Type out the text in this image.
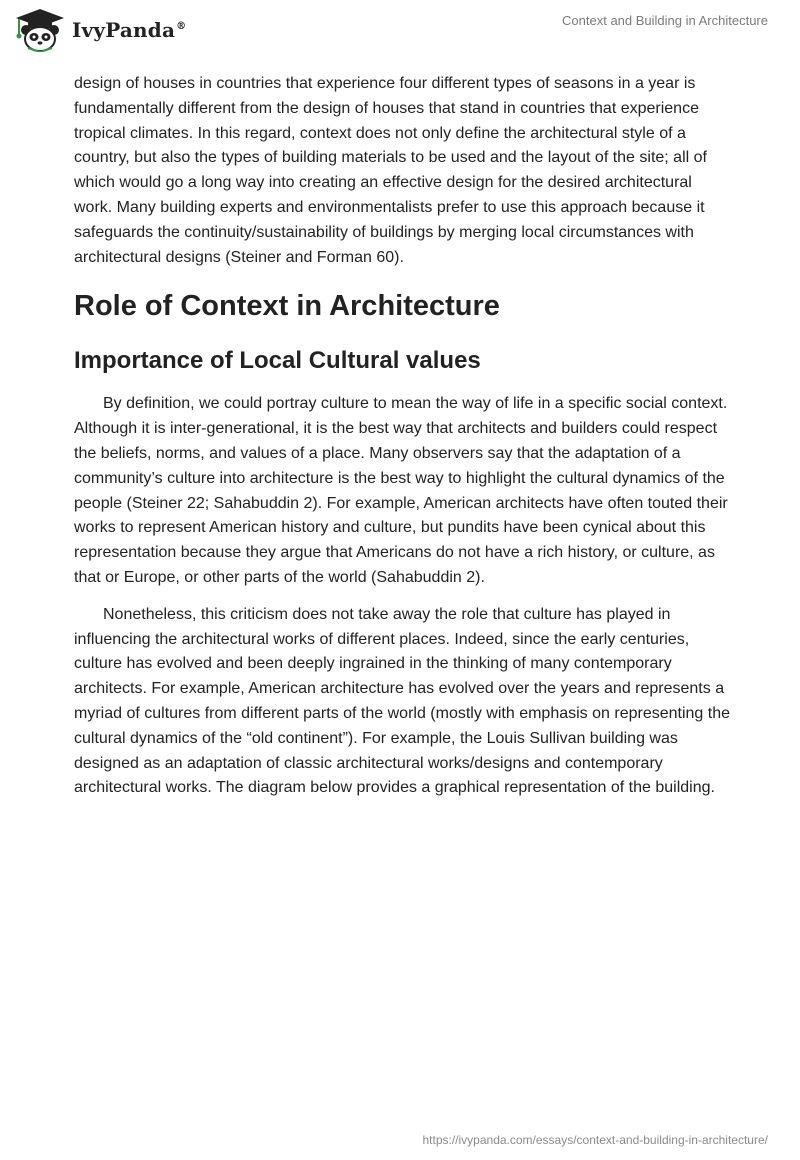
IvyPanda®	Context and Building in Architecture

design of houses in countries that experience four different types of seasons in a year is fundamentally different from the design of houses that stand in countries that experience tropical climates. In this regard, context does not only define the architectural style of a country, but also the types of building materials to be used and the layout of the site; all of which would go a long way into creating an effective design for the desired architectural work. Many building experts and environmentalists prefer to use this approach because it safeguards the continuity/sustainability of buildings by merging local circumstances with architectural designs (Steiner and Forman 60).

Role of Context in Architecture
Importance of Local Cultural values

By definition, we could portray culture to mean the way of life in a specific social context. Although it is inter-generational, it is the best way that architects and builders could respect the beliefs, norms, and values of a place. Many observers say that the adaptation of a community’s culture into architecture is the best way to highlight the cultural dynamics of the people (Steiner 22; Sahabuddin 2). For example, American architects have often touted their works to represent American history and culture, but pundits have been cynical about this representation because they argue that Americans do not have a rich history, or culture, as that or Europe, or other parts of the world (Sahabuddin 2).

Nonetheless, this criticism does not take away the role that culture has played in influencing the architectural works of different places. Indeed, since the early centuries, culture has evolved and been deeply ingrained in the thinking of many contemporary architects. For example, American architecture has evolved over the years and represents a myriad of cultures from different parts of the world (mostly with emphasis on representing the cultural dynamics of the “old continent”). For example, the Louis Sullivan building was designed as an adaptation of classic architectural works/designs and contemporary architectural works. The diagram below provides a graphical representation of the building.

https://ivypanda.com/essays/context-and-building-in-architecture/
